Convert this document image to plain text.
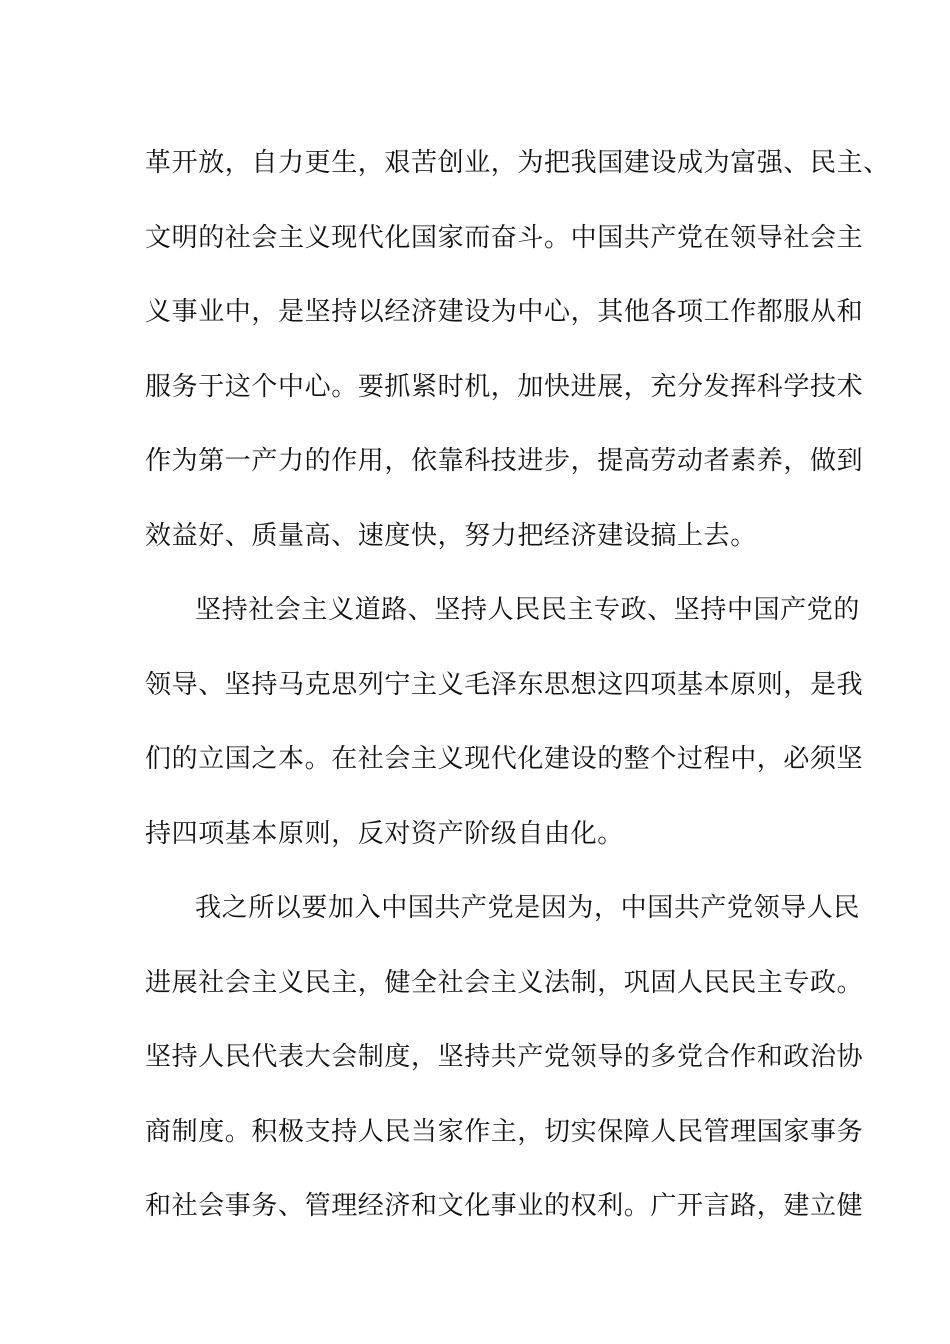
革开放，自力更生，艰苦创业，为把我国建设成为富强、民主、
文明的社会主义现代化国家而奋斗。中国共产党在领导社会主
义事业中，是坚持以经济建设为中心，其他各项工作都服从和
服务于这个中心。要抓紧时机，加快进展，充分发挥科学技术
作为第一产力的作用，依靠科技进步，提高劳动者素养，做到
效益好、质量高、速度快，努力把经济建设搞上去。
坚持社会主义道路、坚持人民民主专政、坚持中国产党的
领导、坚持马克思列宁主义毛泽东思想这四项基本原则，是我
们的立国之本。在社会主义现代化建设的整个过程中，必须坚
持四项基本原则，反对资产阶级自由化。
我之所以要加入中国共产党是因为，中国共产党领导人民
进展社会主义民主，健全社会主义法制，巩固人民民主专政。
坚持人民代表大会制度，坚持共产党领导的多党合作和政治协
商制度。积极支持人民当家作主，切实保障人民管理国家事务
和社会事务、管理经济和文化事业的权利。广开言路，建立健
